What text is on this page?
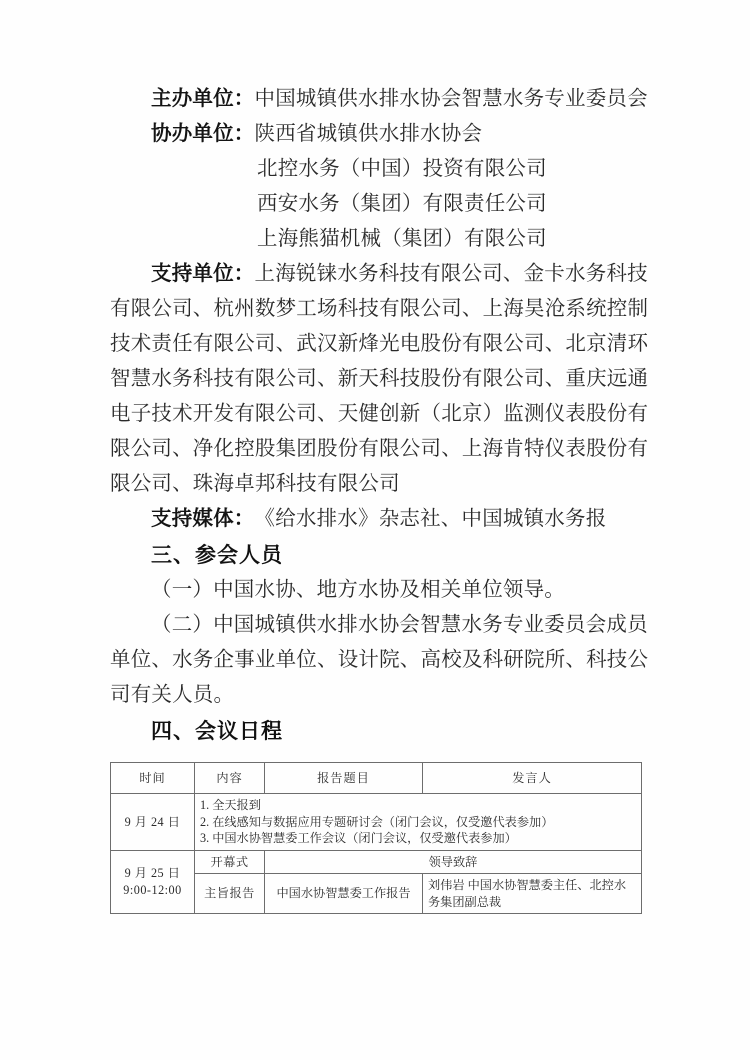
主办单位：中国城镇供水排水协会智慧水务专业委员会
协办单位：陕西省城镇供水排水协会
北控水务（中国）投资有限公司
西安水务（集团）有限责任公司
上海熊猫机械（集团）有限公司
支持单位：上海锐铼水务科技有限公司、金卡水务科技
有限公司、杭州数梦工场科技有限公司、上海昊沧系统控制
技术责任有限公司、武汉新烽光电股份有限公司、北京清环
智慧水务科技有限公司、新天科技股份有限公司、重庆远通
电子技术开发有限公司、天健创新（北京）监测仪表股份有
限公司、净化控股集团股份有限公司、上海肯特仪表股份有
限公司、珠海卓邦科技有限公司
支持媒体：《给水排水》杂志社、中国城镇水务报
三、参会人员
（一）中国水协、地方水协及相关单位领导。
（二）中国城镇供水排水协会智慧水务专业委员会成员
单位、水务企事业单位、设计院、高校及科研院所、科技公
司有关人员。
四、会议日程
时间	内容	报告题目	发言人
9 月 24 日	1. 全天报到
2. 在线感知与数据应用专题研讨会（闭门会议，仅受邀代表参加）
3. 中国水协智慧委工作会议（闭门会议，仅受邀代表参加）		

9 月 25 日
9:00-12:00	开幕式	领导致辞	
	主旨报告	中国水协智慧委工作报告	刘伟岩 中国水协智慧委主任、北控水务集团副总裁
